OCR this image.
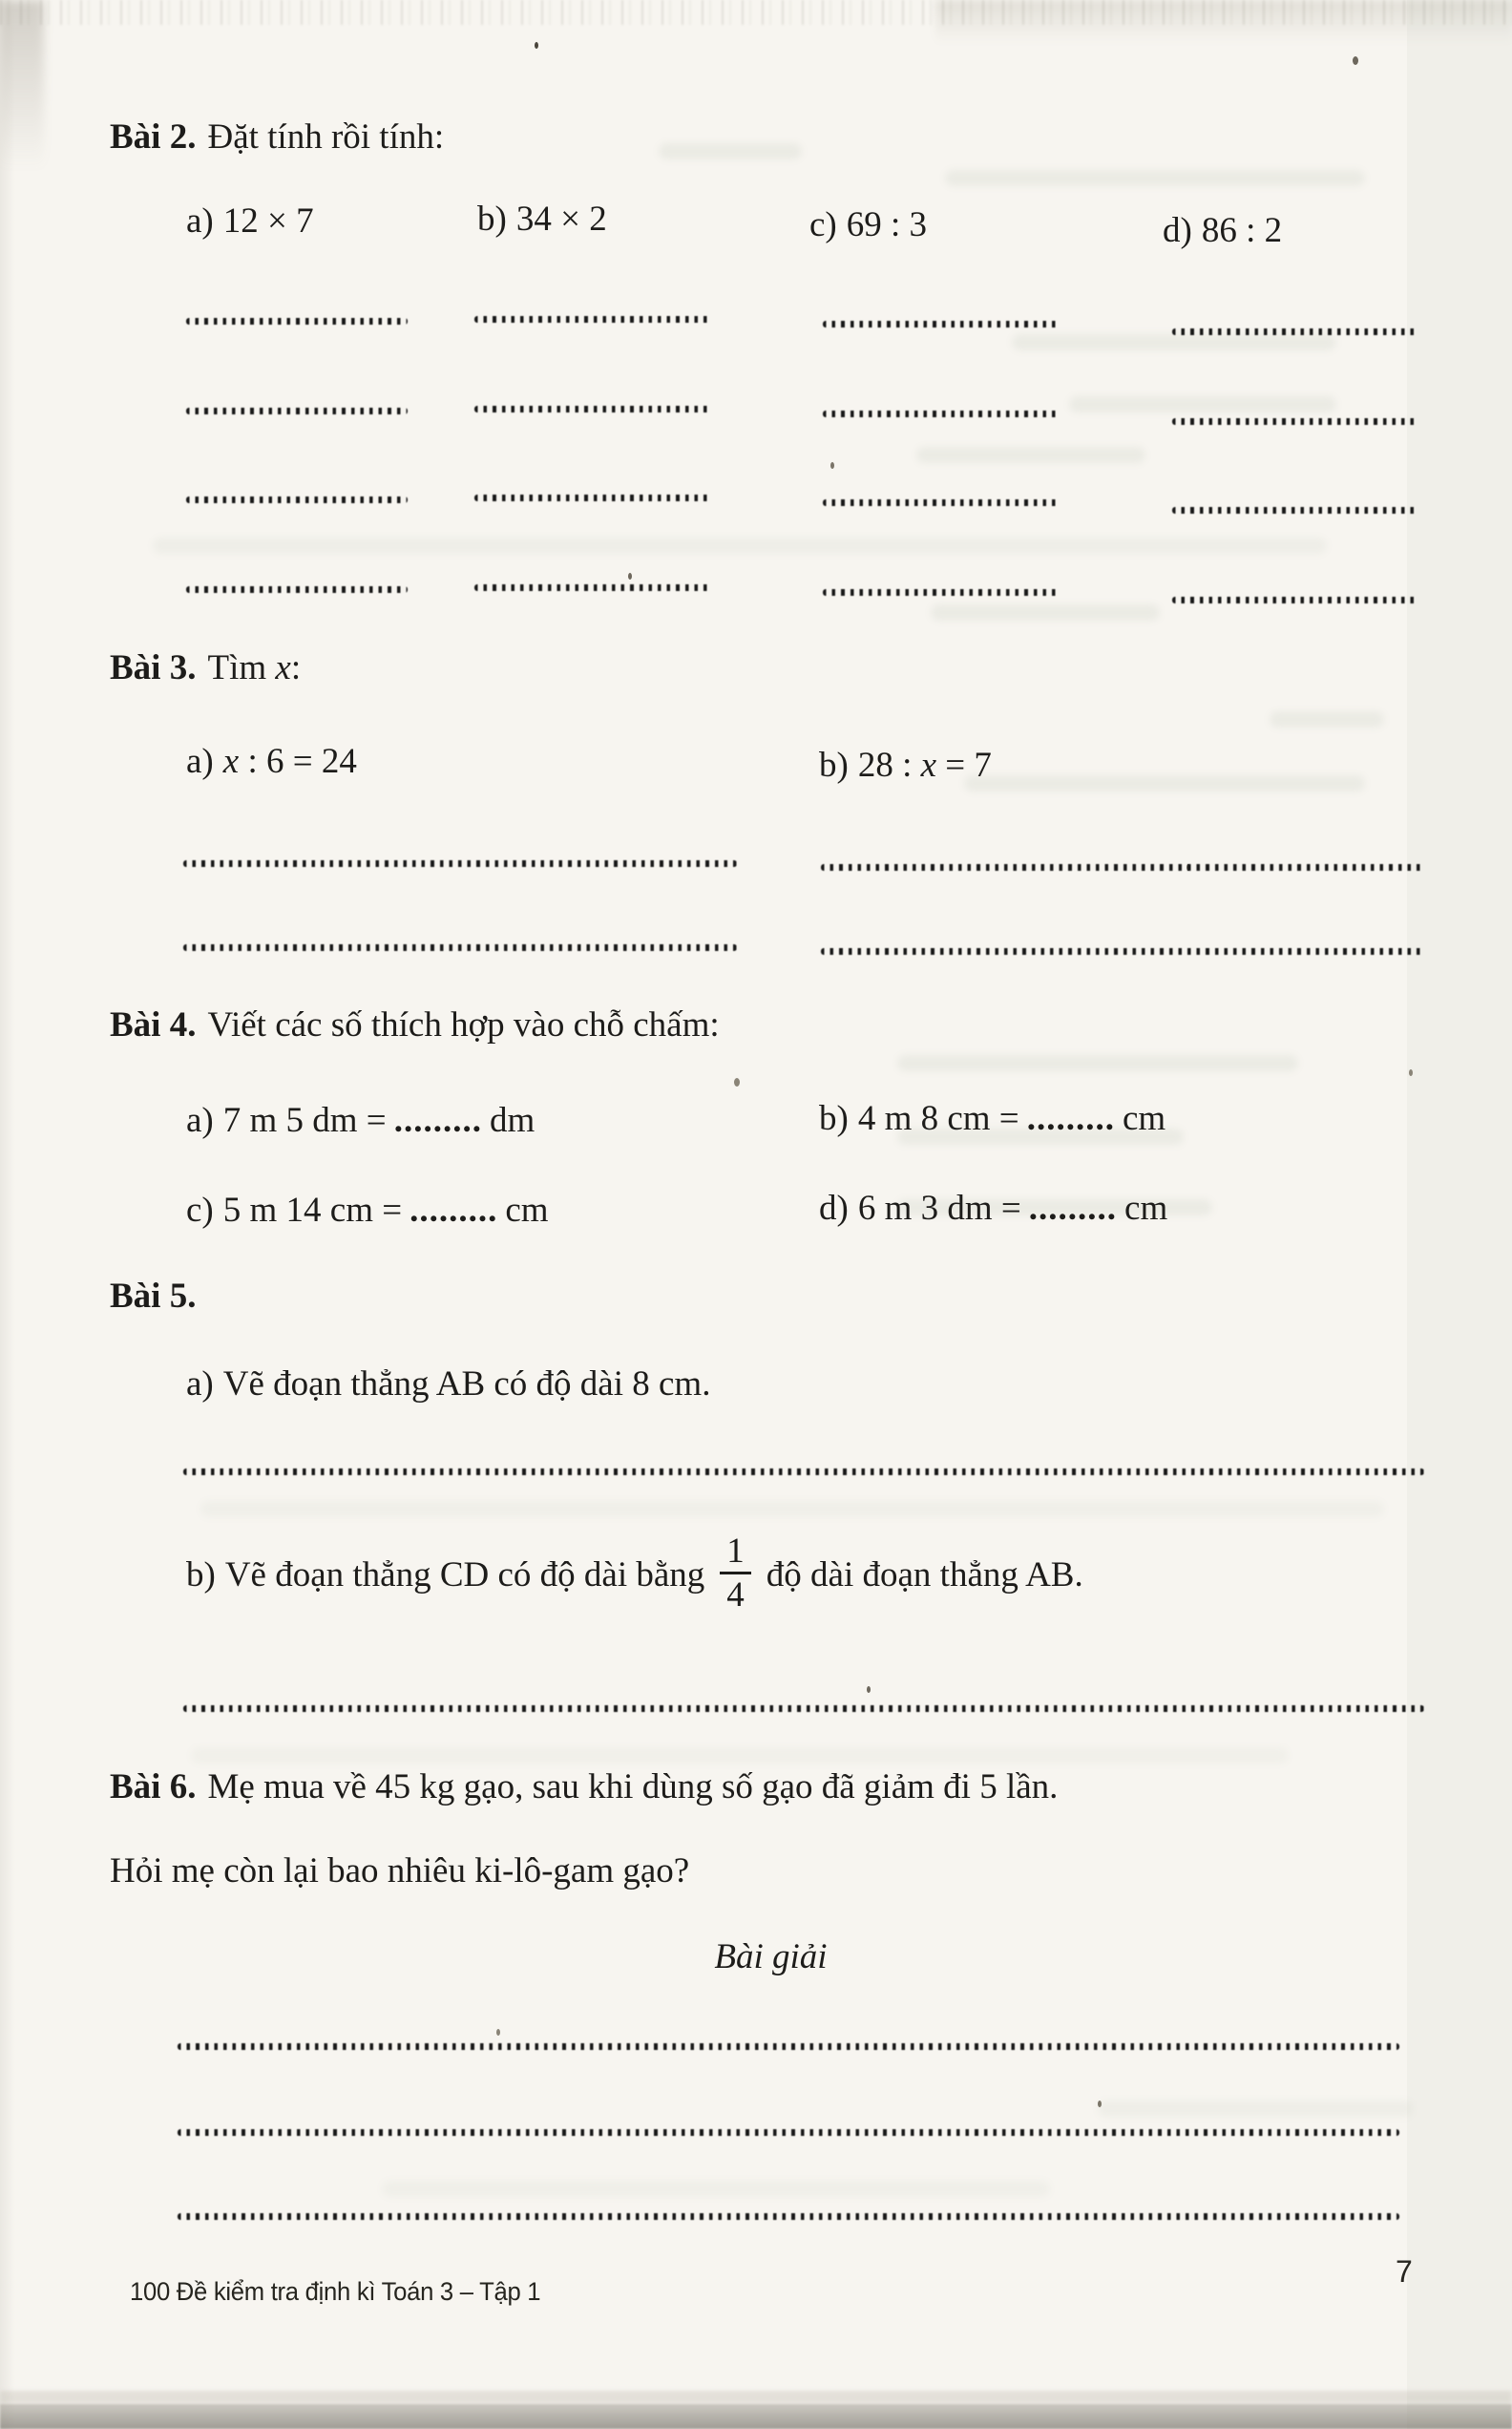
Bài 2. Đặt tính rồi tính:
a) 12 × 7	b) 34 × 2	c) 69 : 3	d) 86 : 2
Bài 3. Tìm x:
a) x : 6 = 24	b) 28 : x = 7
Bài 4. Viết các số thích hợp vào chỗ chấm:
a) 7 m 5 dm = ......... dm	b) 4 m 8 cm = ......... cm
c) 5 m 14 cm = ......... cm	d) 6 m 3 dm = ......... cm
Bài 5.
a) Vẽ đoạn thẳng AB có độ dài 8 cm.
b) Vẽ đoạn thẳng CD có độ dài bằng $\frac{1}{4}$ độ dài đoạn thẳng AB.
Bài 6. Mẹ mua về 45 kg gạo, sau khi dùng số gạo đã giảm đi 5 lần.
Hỏi mẹ còn lại bao nhiêu ki-lô-gam gạo?
Bài giải
100 Đề kiểm tra định kì Toán 3 – Tập 1
7
